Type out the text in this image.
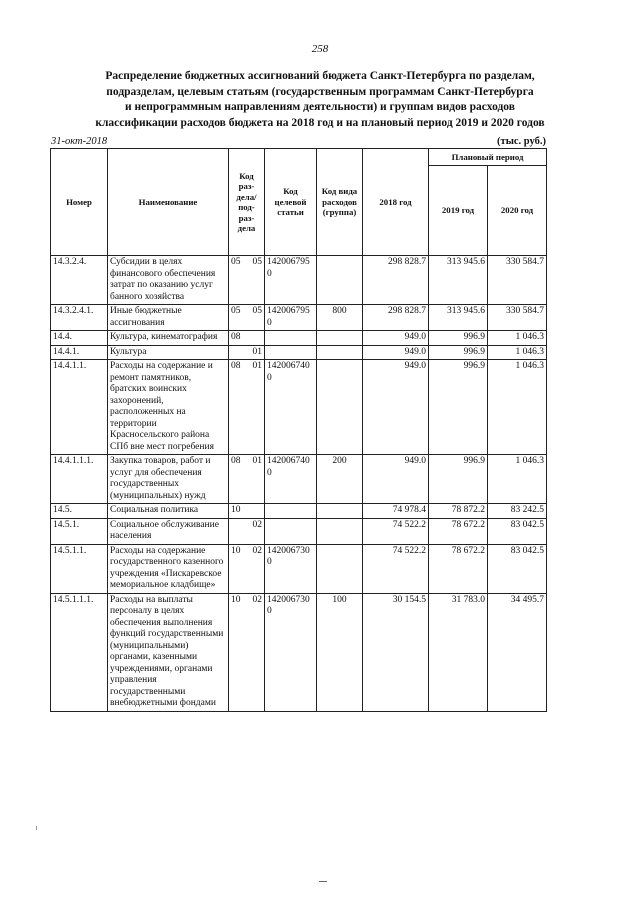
258
Распределение бюджетных ассигнований бюджета Санкт-Петербурга по разделам,
подразделам, целевым статьям (государственным программам Санкт-Петербурга
и непрограммным направлениям деятельности) и группам видов расходов
классификации расходов бюджета на 2018 год и на плановый период 2019 и 2020 годов
31-окт-2018	(тыс. руб.)
Номер	Наименование	Код раз- дела/ под- раз- дела	Код целевой статьи	Код вида расходов (группа)	2018 год	Плановый период	
						2019 год	2020 год
14.3.2.4.	Субсидии в целях финансового обеспечения затрат по оказанию услуг банного хозяйства	05 05	1420067950		298 828.7	313 945.6	330 584.7
14.3.2.4.1.	Иные бюджетные ассигнования	05 05	1420067950	800	298 828.7	313 945.6	330 584.7
14.4.	Культура, кинематография	08			949.0	996.9	1 046.3
14.4.1.	Культура	01			949.0	996.9	1 046.3
14.4.1.1.	Расходы на содержание и ремонт памятников, братских воинских захоронений, расположенных на территории Красносельского района СПб вне мест погребения	08 01	1420067400		949.0	996.9	1 046.3
14.4.1.1.1.	Закупка товаров, работ и услуг для обеспечения государственных (муниципальных) нужд	08 01	1420067400	200	949.0	996.9	1 046.3
14.5.	Социальная политика	10			74 978.4	78 872.2	83 242.5
14.5.1.	Социальное обслуживание населения	02			74 522.2	78 672.2	83 042.5
14.5.1.1.	Расходы на содержание государственного казенного учреждения «Пискаревское мемориальное кладбище»	10 02	1420067300		74 522.2	78 672.2	83 042.5
14.5.1.1.1.	Расходы на выплаты персоналу в целях обеспечения выполнения функций государственными (муниципальными) органами, казенными учреждениями, органами управления государственными внебюджетными фондами	10 02	1420067300	100	30 154.5	31 783.0	34 495.7
